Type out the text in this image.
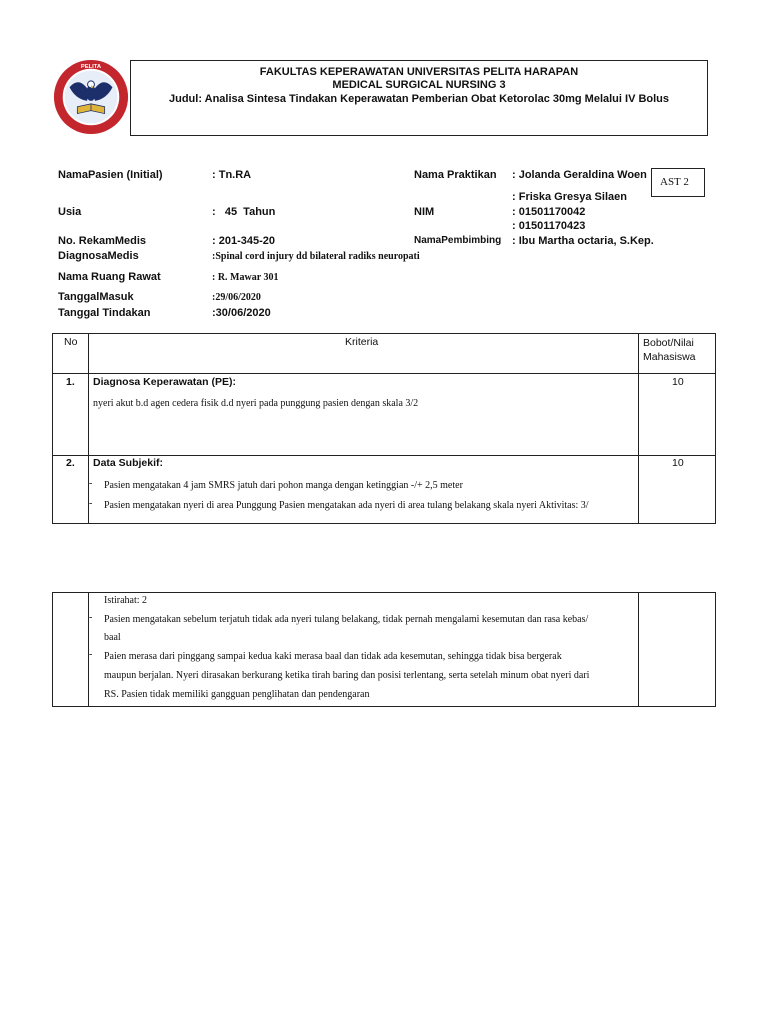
PELITA	FAKULTAS KEPERAWATAN UNIVERSITAS PELITA HARAPAN
MEDICAL SURGICAL NURSING 3
Judul: Analisa Sintesa Tindakan Keperawatan Pemberian Obat Ketorolac 30mg Melalui IV Bolus
NamaPasien (Initial)	: Tn.RA
Usia	:   45  Tahun
No. RekamMedis	: 201-345-20
DiagnosaMedis	:Spinal cord injury dd bilateral radiks neuropati
Nama Ruang Rawat	: R. Mawar 301
TanggalMasuk	:29/06/2020
Tanggal Tindakan	:30/06/2020
Nama Praktikan : Jolanda Geraldina Woen
: Friska Gresya Silaen
NIM	: 01501170042
: 01501170423
NamaPembimbing : Ibu Martha octaria, S.Kep.
AST 2
No	Kriteria	Bobot/Nilai
Mahasiswa
1. Diagnosa Keperawatan (PE):
nyeri akut b.d agen cedera fisik d.d nyeri pada punggung pasien dengan skala 3/2
10
2. Data Subjekif:
- Pasien mengatakan 4 jam SMRS jatuh dari pohon manga dengan ketinggian -/+ 2,5 meter
- Pasien mengatakan nyeri di area Punggung Pasien mengatakan ada nyeri di area tulang belakang skala nyeri Aktivitas: 3/
10
Istirahat: 2
- Pasien mengatakan sebelum terjatuh tidak ada nyeri tulang belakang, tidak pernah mengalami kesemutan dan rasa kebas/
baal
- Paien merasa dari pinggang sampai kedua kaki merasa baal dan tidak ada kesemutan, sehingga tidak bisa bergerak
maupun berjalan. Nyeri dirasakan berkurang ketika tirah baring dan posisi terlentang, serta setelah minum obat nyeri dari
RS. Pasien tidak memiliki gangguan penglihatan dan pendengaran
